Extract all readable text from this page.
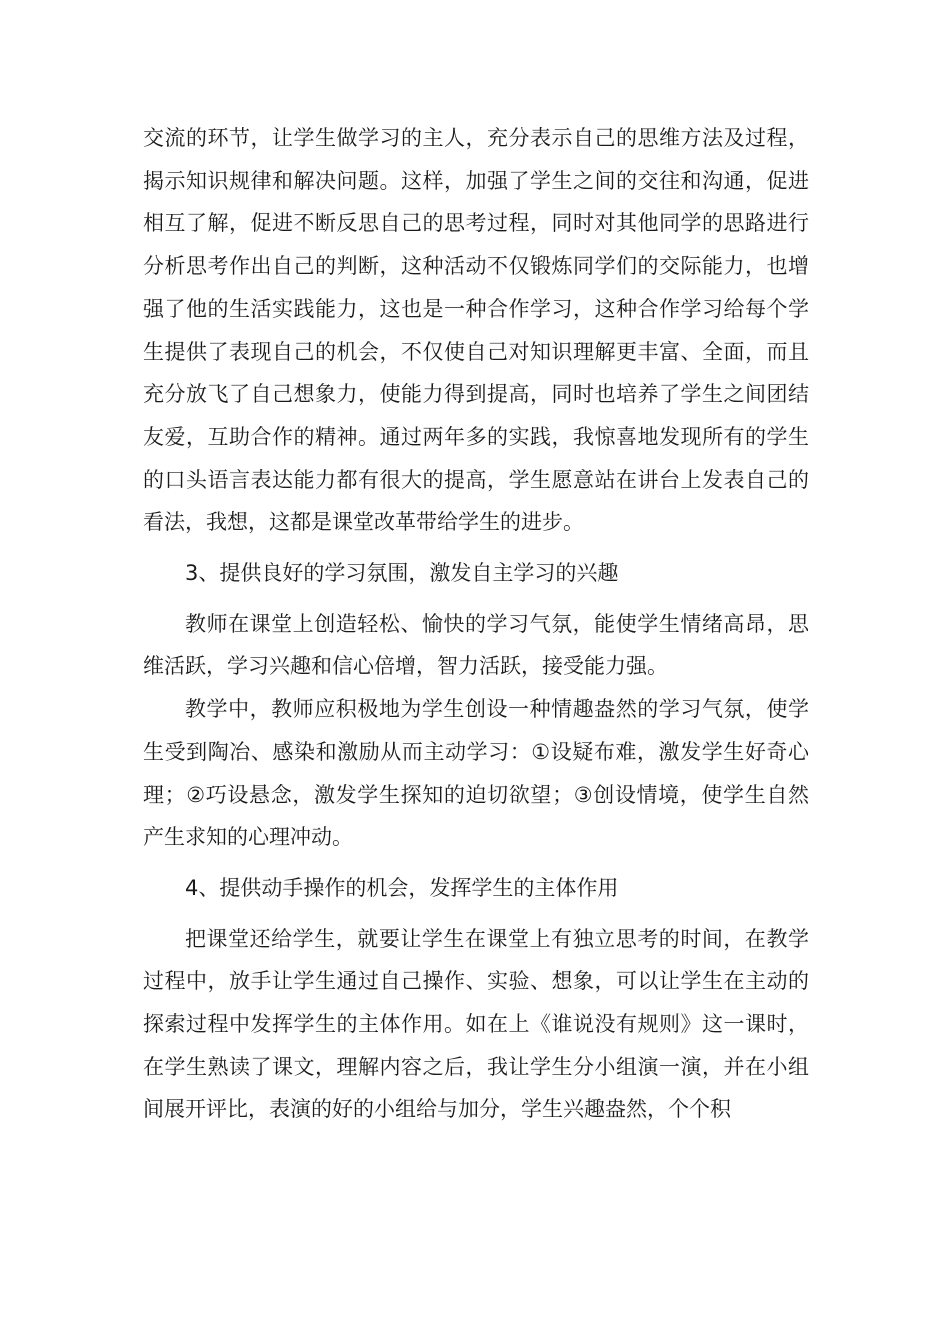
交流的环节，让学生做学习的主人，充分表示自己的思维方法及过程，揭示知识规律和解决问题。这样，加强了学生之间的交往和沟通，促进相互了解，促进不断反思自己的思考过程，同时对其他同学的思路进行分析思考作出自己的判断，这种活动不仅锻炼同学们的交际能力，也增强了他的生活实践能力，这也是一种合作学习，这种合作学习给每个学生提供了表现自己的机会，不仅使自己对知识理解更丰富、全面，而且充分放飞了自己想象力，使能力得到提高，同时也培养了学生之间团结友爱，互助合作的精神。通过两年多的实践，我惊喜地发现所有的学生的口头语言表达能力都有很大的提高，学生愿意站在讲台上发表自己的看法，我想，这都是课堂改革带给学生的进步。

3、提供良好的学习氛围，激发自主学习的兴趣

教师在课堂上创造轻松、愉快的学习气氛，能使学生情绪高昂，思维活跃，学习兴趣和信心倍增，智力活跃，接受能力强。

教学中，教师应积极地为学生创设一种情趣盎然的学习气氛，使学生受到陶冶、感染和激励从而主动学习：①设疑布难，激发学生好奇心理；②巧设悬念，激发学生探知的迫切欲望；③创设情境，使学生自然产生求知的心理冲动。

4、提供动手操作的机会，发挥学生的主体作用

把课堂还给学生，就要让学生在课堂上有独立思考的时间，在教学过程中，放手让学生通过自己操作、实验、想象，可以让学生在主动的探索过程中发挥学生的主体作用。如在上《谁说没有规则》这一课时，在学生熟读了课文，理解内容之后，我让学生分小组演一演，并在小组间展开评比，表演的好的小组给与加分，学生兴趣盎然，个个积
